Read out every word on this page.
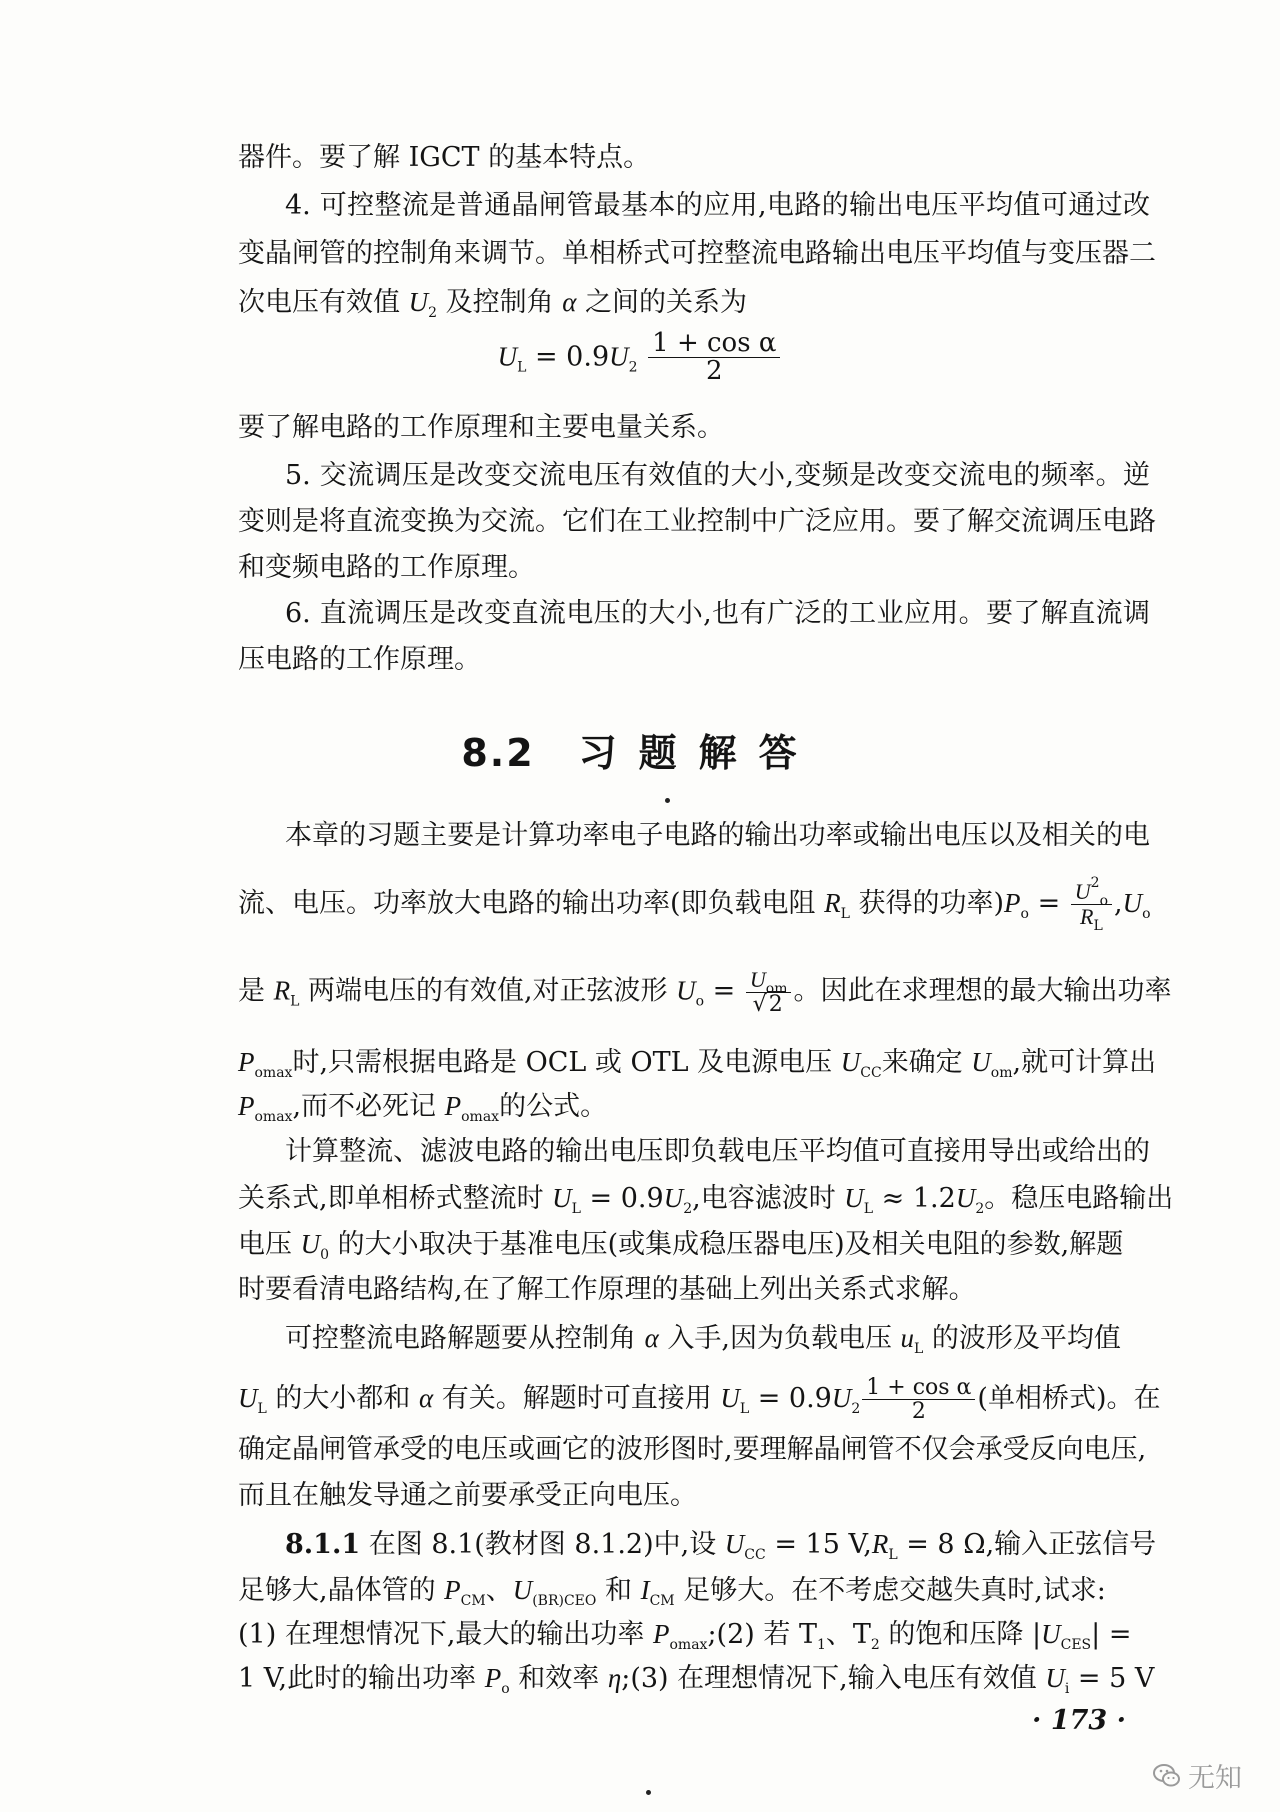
器件。要了解 IGCT 的基本特点。
4. 可控整流是普通晶闸管最基本的应用,电路的输出电压平均值可通过改
变晶闸管的控制角来调节。单相桥式可控整流电路输出电压平均值与变压器二
次电压有效值 $U_2$ 及控制角 α 之间的关系为
$U_L = 0.9U_2 \frac{\text{1 + cos α}}{2}$
要了解电路的工作原理和主要电量关系。
5. 交流调压是改变交流电压有效值的大小,变频是改变交流电的频率。逆
变则是将直流变换为交流。它们在工业控制中广泛应用。要了解交流调压电路
和变频电路的工作原理。
6. 直流调压是改变直流电压的大小,也有广泛的工业应用。要了解直流调
压电路的工作原理。
8.2 习题解答
本章的习题主要是计算功率电子电路的输出功率或输出电压以及相关的电
流、电压。功率放大电路的输出功率(即负载电阻 $R_L$ 获得的功率)$P_o = \frac{U^2_o}{R_L} ,U_o$
是 $R_L$ 两端电压的有效值,对正弦波形 $U_o = \frac{U_{om}}{√2}$ 。因此在求理想的最大输出功率
$P_{omax}$时,只需根据电路是 OCL 或 OTL 及电源电压 $U_{CC}$来确定 $U_{om}$,就可计算出
$P_{omax}$,而不必死记 $P_{omax}$的公式。
计算整流、滤波电路的输出电压即负载电压平均值可直接用导出或给出的
关系式,即单相桥式整流时 $U_L = 0.9U_2$,电容滤波时 $U_L \approx 1.2U_2$。稳压电路输出
电压 $U_0$ 的大小取决于基准电压(或集成稳压器电压)及相关电阻的参数,解题
时要看清电路结构,在了解工作原理的基础上列出关系式求解。
可控整流电路解题要从控制角 α 入手,因为负载电压 $u_L$ 的波形及平均值
$U_L$ 的大小都和 α 有关。解题时可直接用 $U_L = 0.9U_2 \frac{\text{1 + cos α}}{2}$ (单相桥式)。在
确定晶闸管承受的电压或画它的波形图时,要理解晶闸管不仅会承受反向电压,
而且在触发导通之前要承受正向电压。
8.1.1 在图 8.1(教材图 8.1.2)中,设 $U_{CC} = 15$ $V,R_L = 8$ Ω,输入正弦信号
足够大,晶体管的 $P_{CM}$、$U_{(BR)CEO}$ 和 $I_{CM}$ 足够大。在不考虑交越失真时,试求:
(1) 在理想情况下,最大的输出功率 $P_{omax};(2)$ 若 $T_1$、$T_2$ 的饱和压降 $|U_{CES}|$ =
1 V,此时的输出功率 $P_o$ 和效率 η;(3) 在理想情况下,输入电压有效值 $U_i = 5$ V
· 173 ·
无知
